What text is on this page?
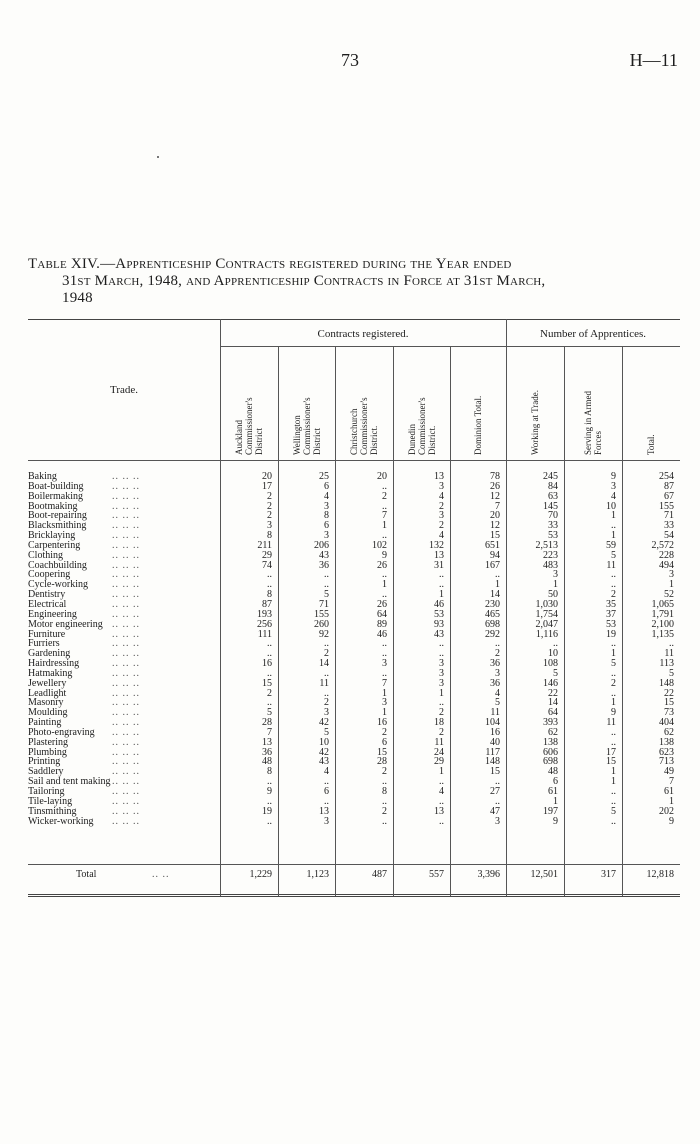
73	H—11
Table XIV.—Apprenticeship Contracts registered during the Year ended
31st March, 1948, and Apprenticeship Contracts in Force at 31st March,
1948
Contracts registered.	Number of Apprentices.
Trade.
Auckland Commissioner's District	Wellington Commissioner's District	Christchurch Commissioner's District.	Dunedin Commissioner's District.	Dominion Total.	Working at Trade.	Serving in Armed Forces	Total.
Baking	.. .. ..	20	25	20	13	78	245	9	254
Boat-building	.. .. ..	17	6	..	3	26	84	3	87
Boilermaking	.. .. ..	2	4	2	4	12	63	4	67
Bootmaking	.. .. ..	2	3	..	2	7	145	10	155
Boot-repairing	.. .. ..	2	8	7	3	20	70	1	71
Blacksmithing	.. .. ..	3	6	1	2	12	33	..	33
Bricklaying	.. .. ..	8	3	..	4	15	53	1	54
Carpentering	.. .. ..	211	206	102	132	651	2,513	59	2,572
Clothing	.. .. ..	29	43	9	13	94	223	5	228
Coachbuilding	.. .. ..	74	36	26	31	167	483	11	494
Coopering	.. .. ..	..	..	..	..	..	3	..	3
Cycle-working .. .. ..	..	..	1	..	1	1	..	1
Dentistry	.. .. ..	8	5	..	1	14	50	2	52
Electrical	.. .. ..	87	71	26	46	230	1,030	35	1,065
Engineering	.. .. ..	193	155	64	53	465	1,754	37	1,791
Motor engineering .. .. ..	256	260	89	93	698	2,047	53	2,100
Furniture	.. .. ..	111	92	46	43	292	1,116	19	1,135
Furriers	.. .. ..	..	..	..	..	..	..	..	..
Gardening	.. .. ..	..	2	..	..	2	10	1	11
Hairdressing	.. .. ..	16	14	3	3	36	108	5	113
Hatmaking	.. .. ..	..	..	..	3	3	5	..	5
Jewellery	.. .. ..	15	11	7	3	36	146	2	148
Leadlight	.. .. ..	2	..	1	1	4	22	..	22
Masonry	.. .. ..	..	2	3	..	5	14	1	15
Moulding	.. .. ..	5	3	1	2	11	64	9	73
Painting	.. .. ..	28	42	16	18	104	393	11	404
Photo-engraving .. .. ..	7	5	2	2	16	62	..	62
Plastering	.. .. ..	13	10	6	11	40	138	..	138
Plumbing	.. .. ..	36	42	15	24	117	606	17	623
Printing	.. .. ..	48	43	28	29	148	698	15	713
Saddlery	.. .. ..	8	4	2	1	15	48	1	49
Sail and tent making .. .. ..	..	..	..	..	..	6	1	7
Tailoring	.. .. ..	9	6	8	4	27	61	..	61
Tile-laying	.. .. ..	..	..	..	..	..	1	..	1
Tinsmithing	.. .. ..	19	13	2	13	47	197	5	202
Wicker-working .. .. ..	..	3	..	..	3	9	..	9
Total	.. ..	1,229	1,123	487	557	3,396	12,501	317	12,818
